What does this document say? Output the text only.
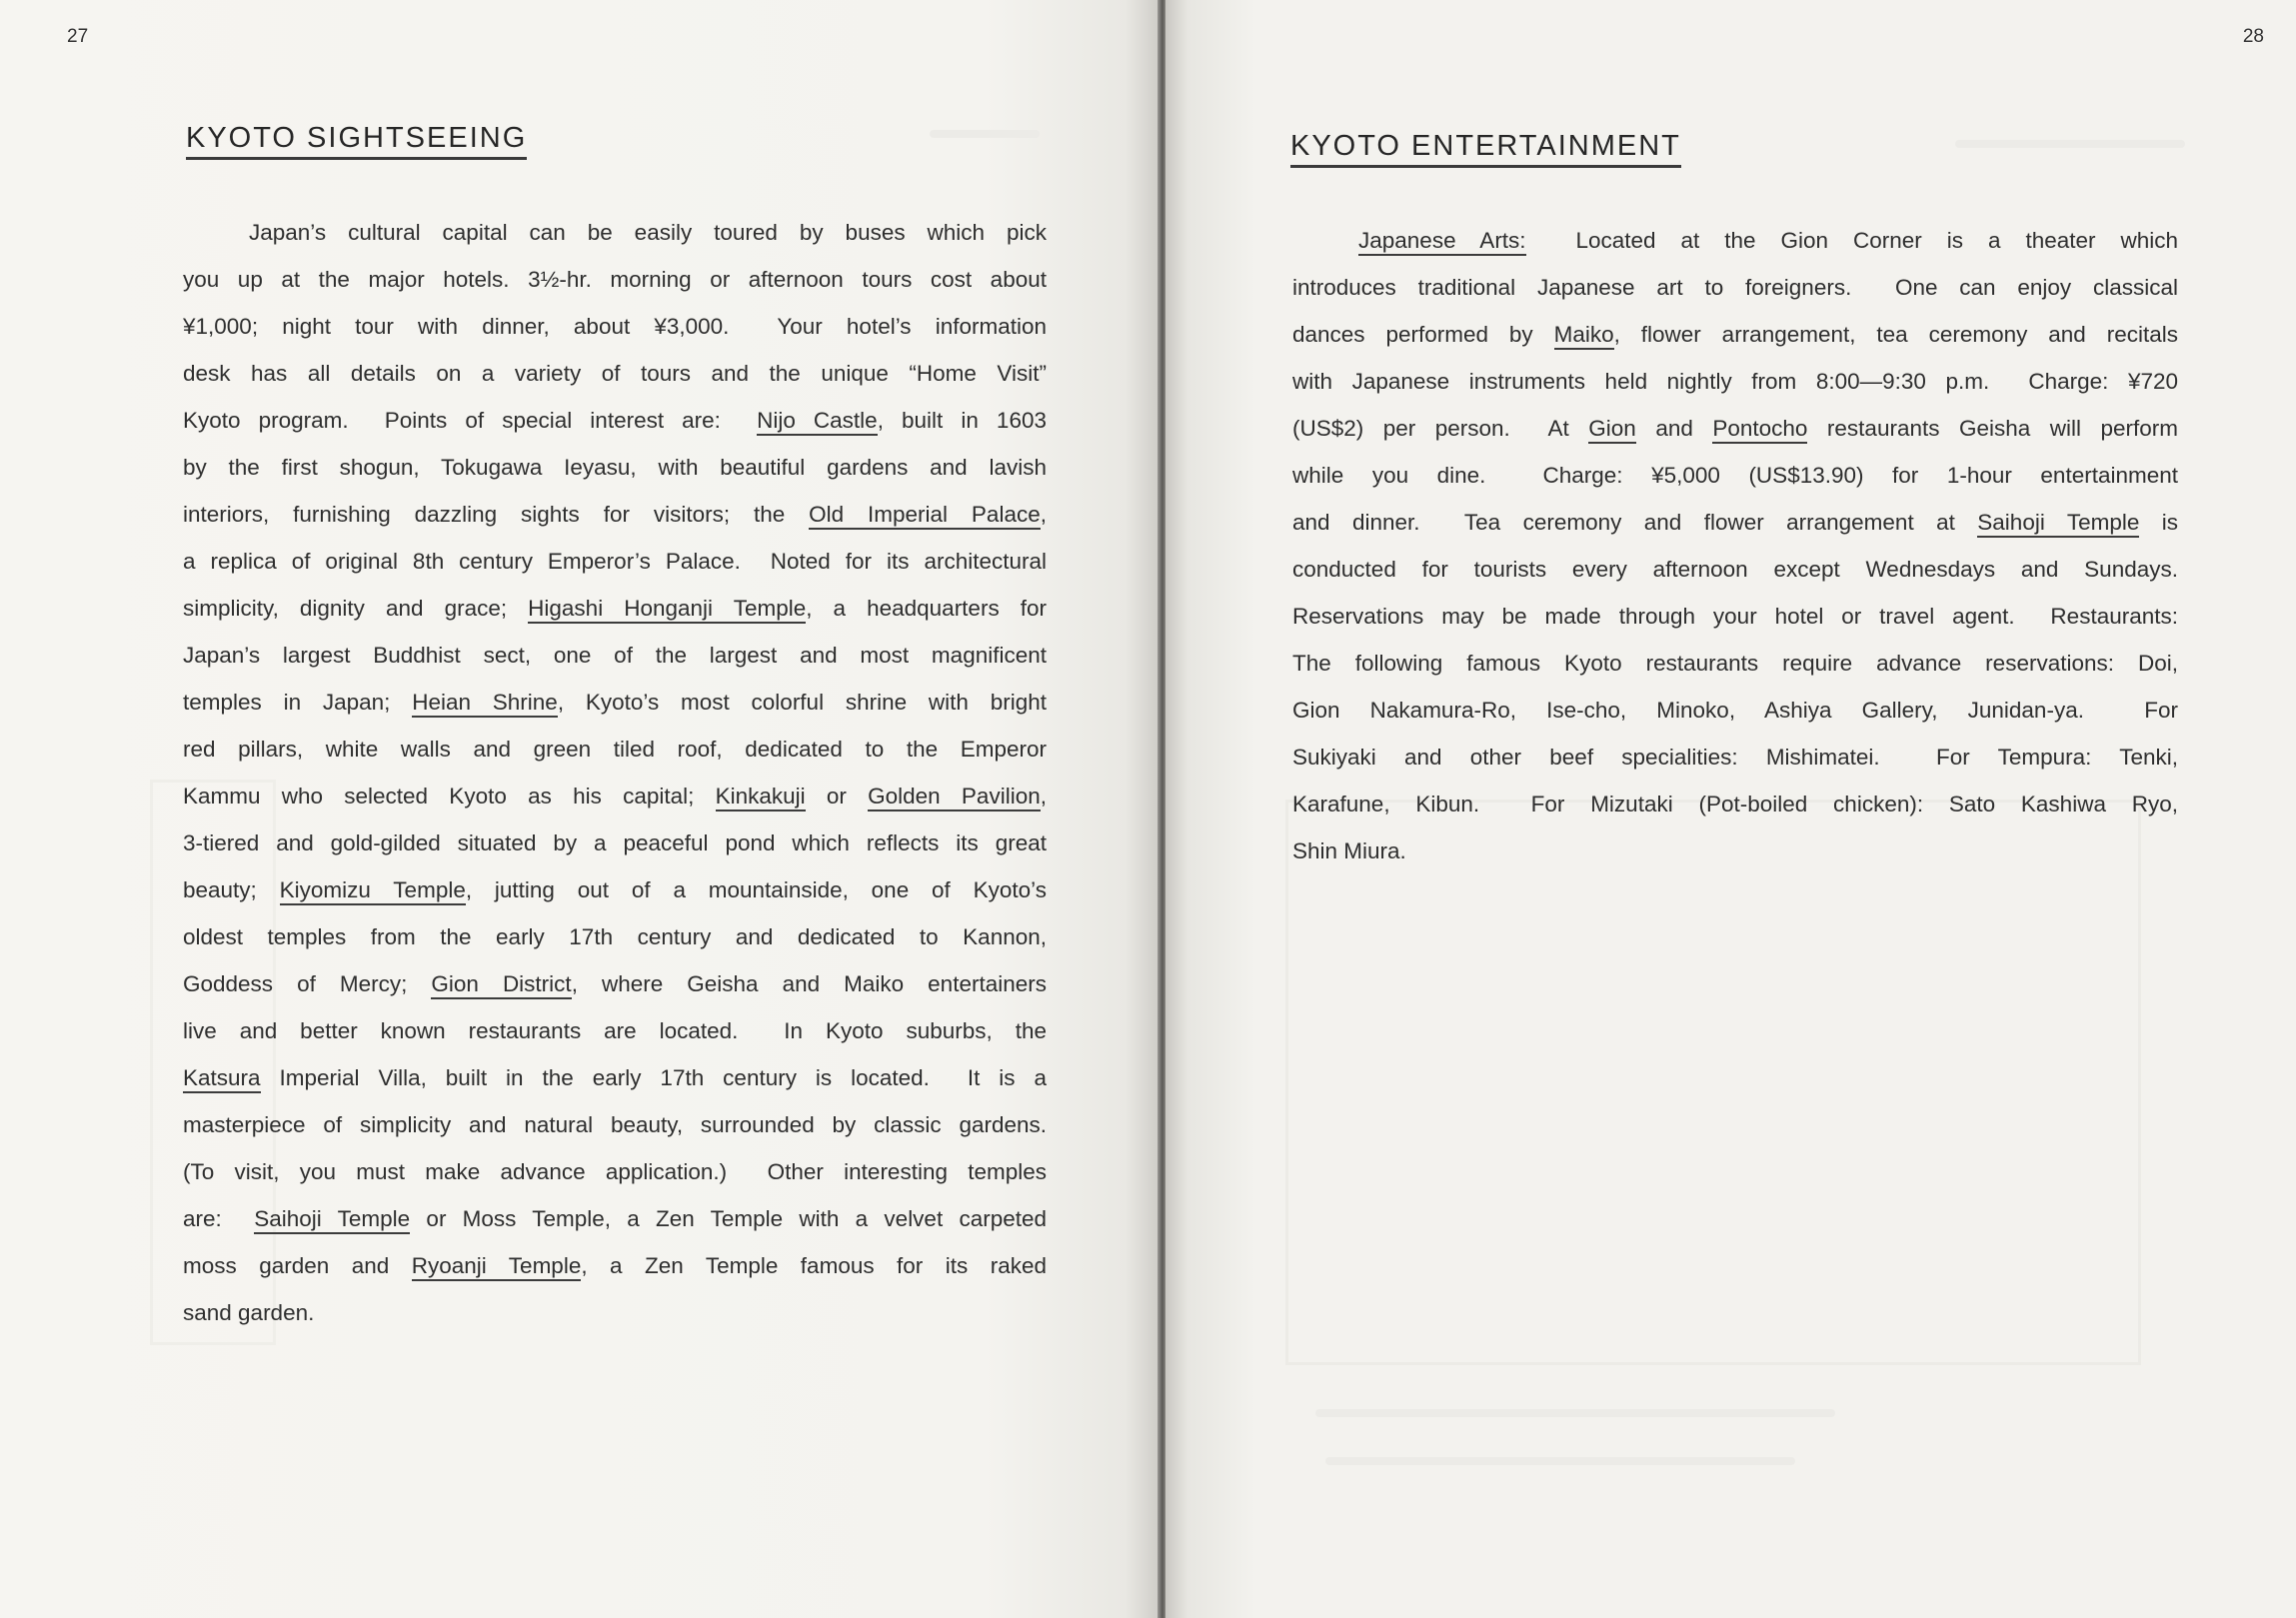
27
KYOTO SIGHTSEEING
Japan’s cultural capital can be easily toured by buses which pick
you up at the major hotels. 3½-hr. morning or afternoon tours cost about
¥1,000; night tour with dinner, about ¥3,000.  Your hotel’s information
desk has all details on a variety of tours and the unique “Home Visit”
Kyoto program.  Points of special interest are:  Nijo Castle, built in 1603
by the first shogun, Tokugawa Ieyasu, with beautiful gardens and lavish
interiors, furnishing dazzling sights for visitors; the Old Imperial Palace,
a replica of original 8th century Emperor’s Palace.  Noted for its architectural
simplicity, dignity and grace; Higashi Honganji Temple, a headquarters for
Japan’s largest Buddhist sect, one of the largest and most magnificent
temples in Japan; Heian Shrine, Kyoto’s most colorful shrine with bright
red pillars, white walls and green tiled roof, dedicated to the Emperor
Kammu who selected Kyoto as his capital; Kinkakuji or Golden Pavilion,
3-tiered and gold-gilded situated by a peaceful pond which reflects its great
beauty; Kiyomizu Temple, jutting out of a mountainside, one of Kyoto’s
oldest temples from the early 17th century and dedicated to Kannon,
Goddess of Mercy; Gion District, where Geisha and Maiko entertainers
live and better known restaurants are located.  In Kyoto suburbs, the
Katsura Imperial Villa, built in the early 17th century is located.  It is a
masterpiece of simplicity and natural beauty, surrounded by classic gardens.
(To visit, you must make advance application.)  Other interesting temples
are:  Saihoji Temple or Moss Temple, a Zen Temple with a velvet carpeted
moss garden and Ryoanji Temple, a Zen Temple famous for its raked
sand garden.
28
KYOTO ENTERTAINMENT
Japanese Arts:  Located at the Gion Corner is a theater which
introduces traditional Japanese art to foreigners.  One can enjoy classical
dances performed by Maiko, flower arrangement, tea ceremony and recitals
with Japanese instruments held nightly from 8:00—9:30 p.m.  Charge: ¥720
(US$2) per person.  At Gion and Pontocho restaurants Geisha will perform
while you dine.  Charge: ¥5,000 (US$13.90) for 1-hour entertainment
and dinner.  Tea ceremony and flower arrangement at Saihoji Temple is
conducted for tourists every afternoon except Wednesdays and Sundays.
Reservations may be made through your hotel or travel agent.  Restaurants:
The following famous Kyoto restaurants require advance reservations: Doi,
Gion Nakamura-Ro, Ise-cho, Minoko, Ashiya Gallery, Junidan-ya.  For
Sukiyaki and other beef specialities: Mishimatei.  For Tempura: Tenki,
Karafune, Kibun.  For Mizutaki (Pot-boiled chicken): Sato Kashiwa Ryo,
Shin Miura.
